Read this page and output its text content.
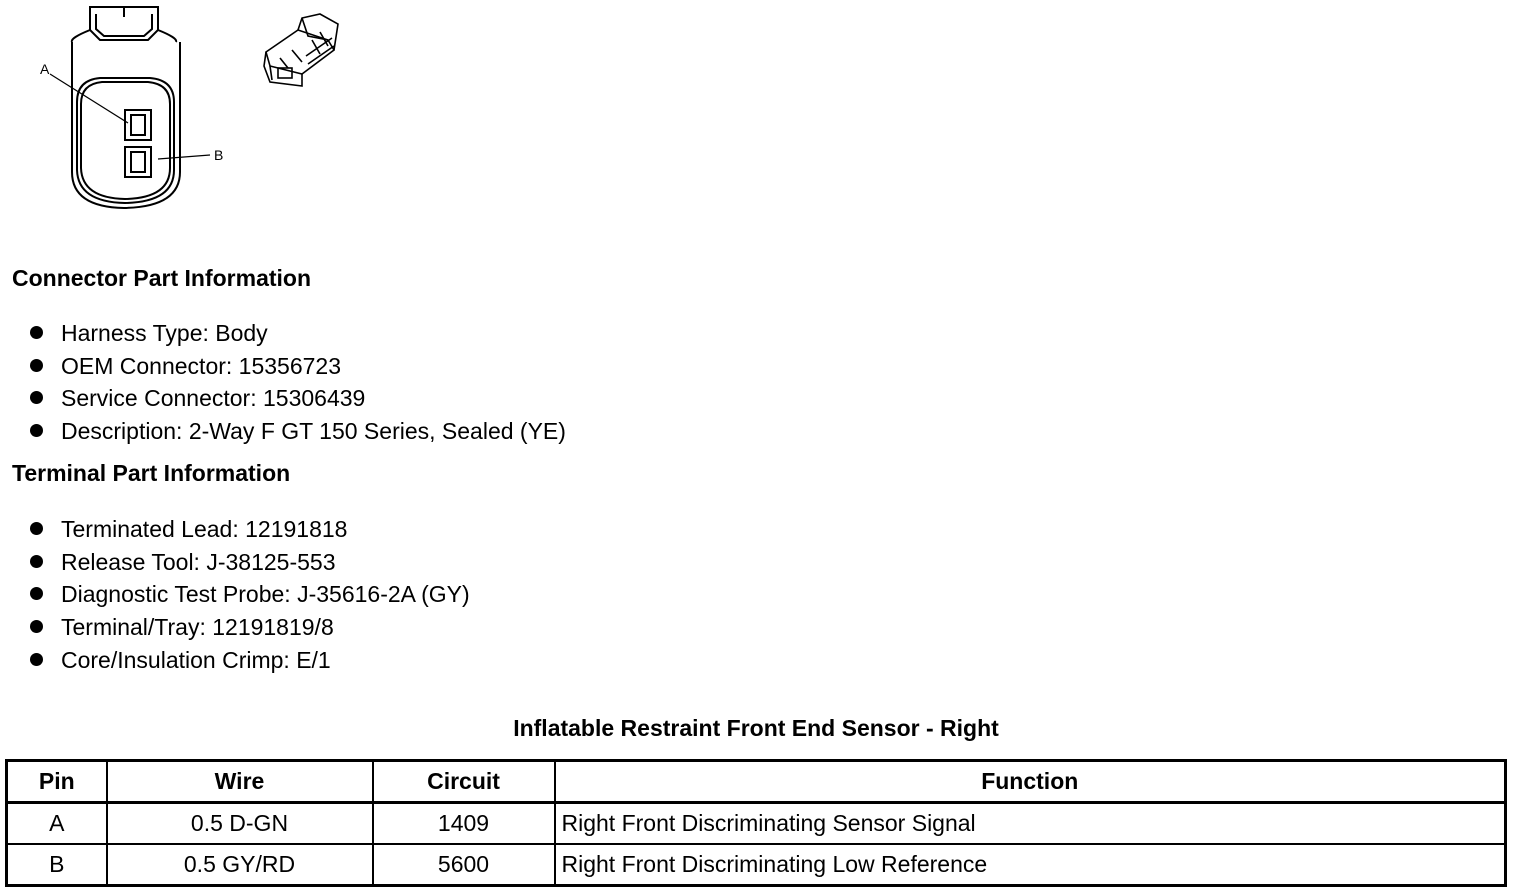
A
B
Connector Part Information
Harness Type: Body
OEM Connector: 15356723
Service Connector: 15306439
Description: 2-Way F GT 150 Series, Sealed (YE)
Terminal Part Information
Terminated Lead: 12191818
Release Tool: J-38125-553
Diagnostic Test Probe: J-35616-2A (GY)
Terminal/Tray: 12191819/8
Core/Insulation Crimp: E/1
Inflatable Restraint Front End Sensor - Right
Pin	Wire	Circuit	Function
A	0.5 D-GN	1409	Right Front Discriminating Sensor Signal
B	0.5 GY/RD	5600	Right Front Discriminating Low Reference
